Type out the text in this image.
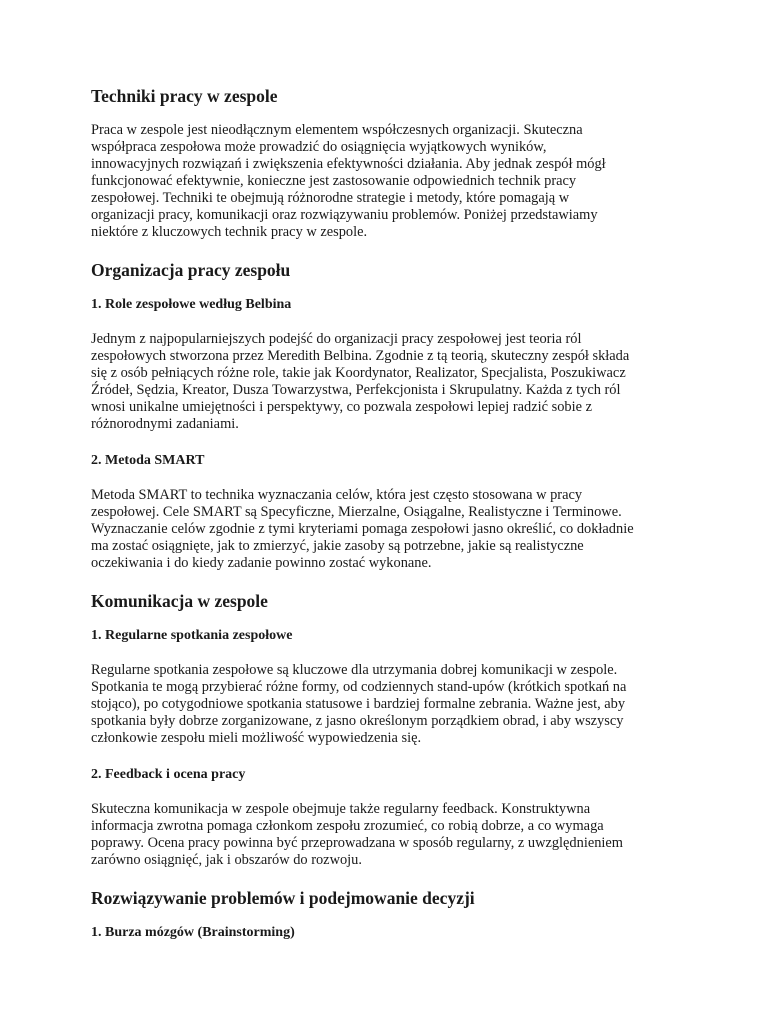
Techniki pracy w zespole
Praca w zespole jest nieodłącznym elementem współczesnych organizacji. Skuteczna
współpraca zespołowa może prowadzić do osiągnięcia wyjątkowych wyników,
innowacyjnych rozwiązań i zwiększenia efektywności działania. Aby jednak zespół mógł
funkcjonować efektywnie, konieczne jest zastosowanie odpowiednich technik pracy
zespołowej. Techniki te obejmują różnorodne strategie i metody, które pomagają w
organizacji pracy, komunikacji oraz rozwiązywaniu problemów. Poniżej przedstawiamy
niektóre z kluczowych technik pracy w zespole.
Organizacja pracy zespołu
1. Role zespołowe według Belbina
Jednym z najpopularniejszych podejść do organizacji pracy zespołowej jest teoria ról
zespołowych stworzona przez Meredith Belbina. Zgodnie z tą teorią, skuteczny zespół składa
się z osób pełniących różne role, takie jak Koordynator, Realizator, Specjalista, Poszukiwacz
Źródeł, Sędzia, Kreator, Dusza Towarzystwa, Perfekcjonista i Skrupulatny. Każda z tych ról
wnosi unikalne umiejętności i perspektywy, co pozwala zespołowi lepiej radzić sobie z
różnorodnymi zadaniami.
2. Metoda SMART
Metoda SMART to technika wyznaczania celów, która jest często stosowana w pracy
zespołowej. Cele SMART są Specyficzne, Mierzalne, Osiągalne, Realistyczne i Terminowe.
Wyznaczanie celów zgodnie z tymi kryteriami pomaga zespołowi jasno określić, co dokładnie
ma zostać osiągnięte, jak to zmierzyć, jakie zasoby są potrzebne, jakie są realistyczne
oczekiwania i do kiedy zadanie powinno zostać wykonane.
Komunikacja w zespole
1. Regularne spotkania zespołowe
Regularne spotkania zespołowe są kluczowe dla utrzymania dobrej komunikacji w zespole.
Spotkania te mogą przybierać różne formy, od codziennych stand-upów (krótkich spotkań na
stojąco), po cotygodniowe spotkania statusowe i bardziej formalne zebrania. Ważne jest, aby
spotkania były dobrze zorganizowane, z jasno określonym porządkiem obrad, i aby wszyscy
członkowie zespołu mieli możliwość wypowiedzenia się.
2. Feedback i ocena pracy
Skuteczna komunikacja w zespole obejmuje także regularny feedback. Konstruktywna
informacja zwrotna pomaga członkom zespołu zrozumieć, co robią dobrze, a co wymaga
poprawy. Ocena pracy powinna być przeprowadzana w sposób regularny, z uwzględnieniem
zarówno osiągnięć, jak i obszarów do rozwoju.
Rozwiązywanie problemów i podejmowanie decyzji
1. Burza mózgów (Brainstorming)
